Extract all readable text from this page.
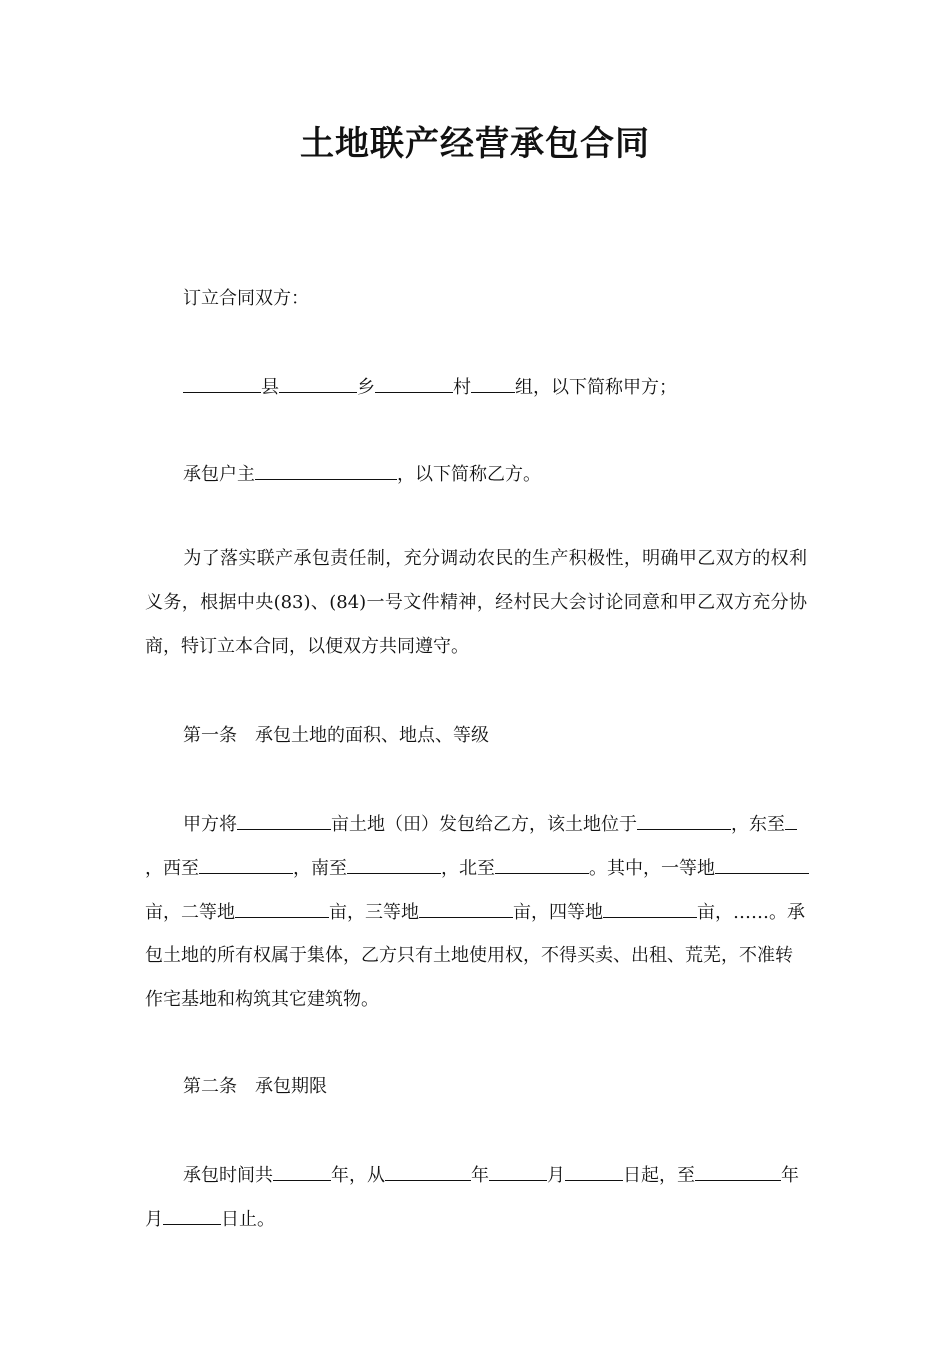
土地联产经营承包合同
订立合同双方：
县	乡	村 组，以下简称甲方；
承包户主	，以下简称乙方。

为了落实联产承包责任制，充分调动农民的生产积极性，明确甲乙双方的权利义务，根据中央(83)、(84)一号文件精神，经村民大会讨论同意和甲乙双方充分协商，特订立本合同，以便双方共同遵守。

第一条　承包土地的面积、地点、等级
甲方将	亩土地（田）发包给乙方，该土地位于	，东至
，西至	，南至	，北至	。其中，一等地
亩，二等地	亩，三等地	亩，四等地	亩，……。承
包土地的所有权属于集体，乙方只有土地使用权，不得买卖、出租、荒芜，不准转
作宅基地和构筑其它建筑物。
第二条　承包期限
承包时间共	年，从	年	月	日起，至	年
月	日止。
